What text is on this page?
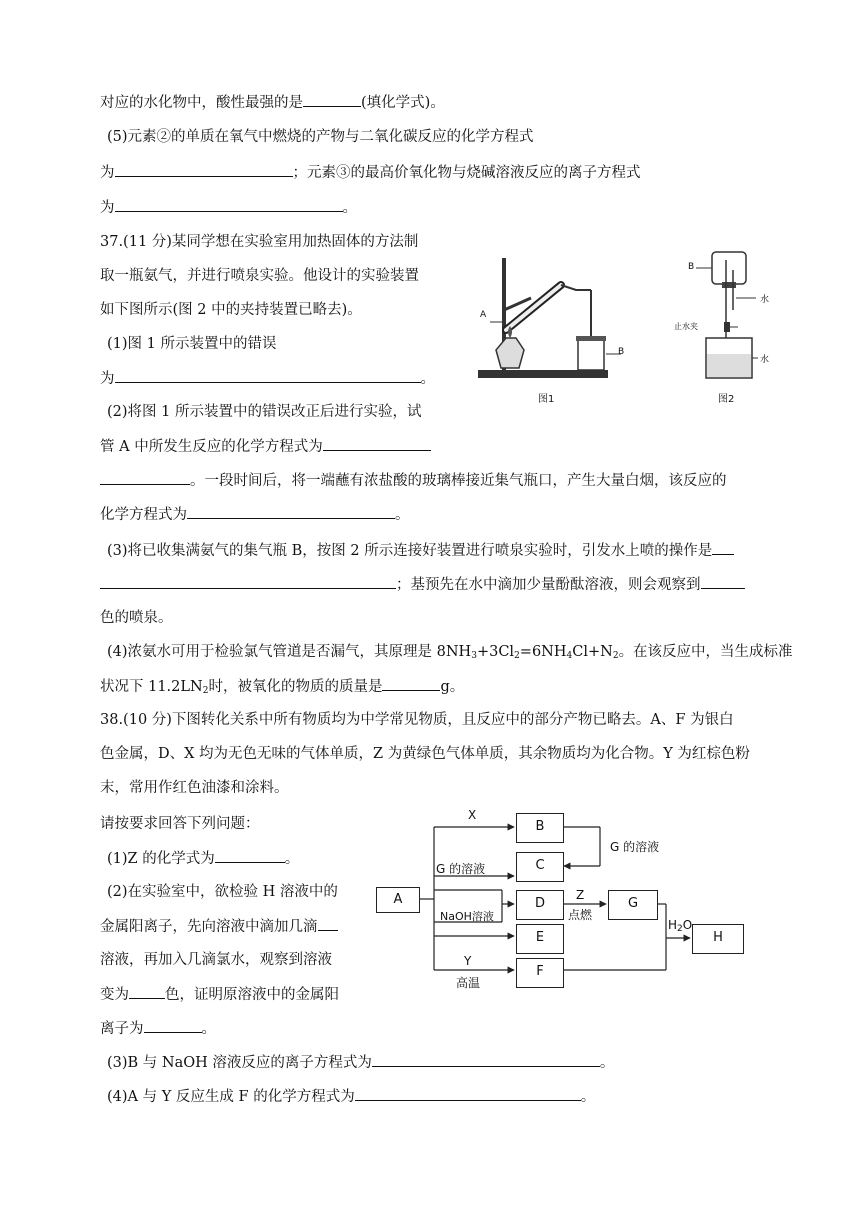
对应的水化物中，酸性最强的是	(填化学式)。
(5)元素②的单质在氧气中燃烧的产物与二氧化碳反应的化学方程式
为	；元素③的最高价氧化物与烧碱溶液反应的离子方程式
为	。
37.(11 分)某同学想在实验室用加热固体的方法制
取一瓶氨气，并进行喷泉实验。他设计的实验装置
如下图所示(图 2 中的夹持装置已略去)。
(1)图 1 所示装置中的错误
为	。
(2)将图 1 所示装置中的错误改正后进行实验，试
管 A 中所发生反应的化学方程式为
。一段时间后，将一端蘸有浓盐酸的玻璃棒接近集气瓶口，产生大量白烟，该反应的
化学方程式为	。
(3)将已收集满氨气的集气瓶 B，按图 2 所示连接好装置进行喷泉实验时，引发水上喷的操作是
；基预先在水中滴加少量酚酞溶液，则会观察到
色的喷泉。
(4)浓氨水可用于检验氯气管道是否漏气，其原理是 $8NH_3+3Cl_2=6NH_4Cl+N_2$。在该反应中，当生成标准
状况下 $11.2LN_2$时，被氧化的物质的质量是	g。
A
B
图1
B
水
止水夹
水
图2
38.(10 分)下图转化关系中所有物质均为中学常见物质，且反应中的部分产物已略去。A、F 为银白
色金属，D、X 均为无色无味的气体单质，Z 为黄绿色气体单质，其余物质均为化合物。Y 为红棕色粉
末，常用作红色油漆和涂料。
请按要求回答下列问题：
(1)Z 的化学式为	。
(2)在实验室中，欲检验 H 溶液中的
金属阳离子，先向溶液中滴加几滴
溶液，再加入几滴氯水，观察到溶液
变为 色，证明原溶液中的金属阳
离子为	。
(3)B 与 NaOH 溶液反应的离子方程式为	。
(4)A 与 Y 反应生成 F 的化学方程式为	。
A
B
C
D
E
F
G
H
X
G 的溶液
G 的溶液
NaOH溶液
Y
高温
Z
点燃
$H_2O$
